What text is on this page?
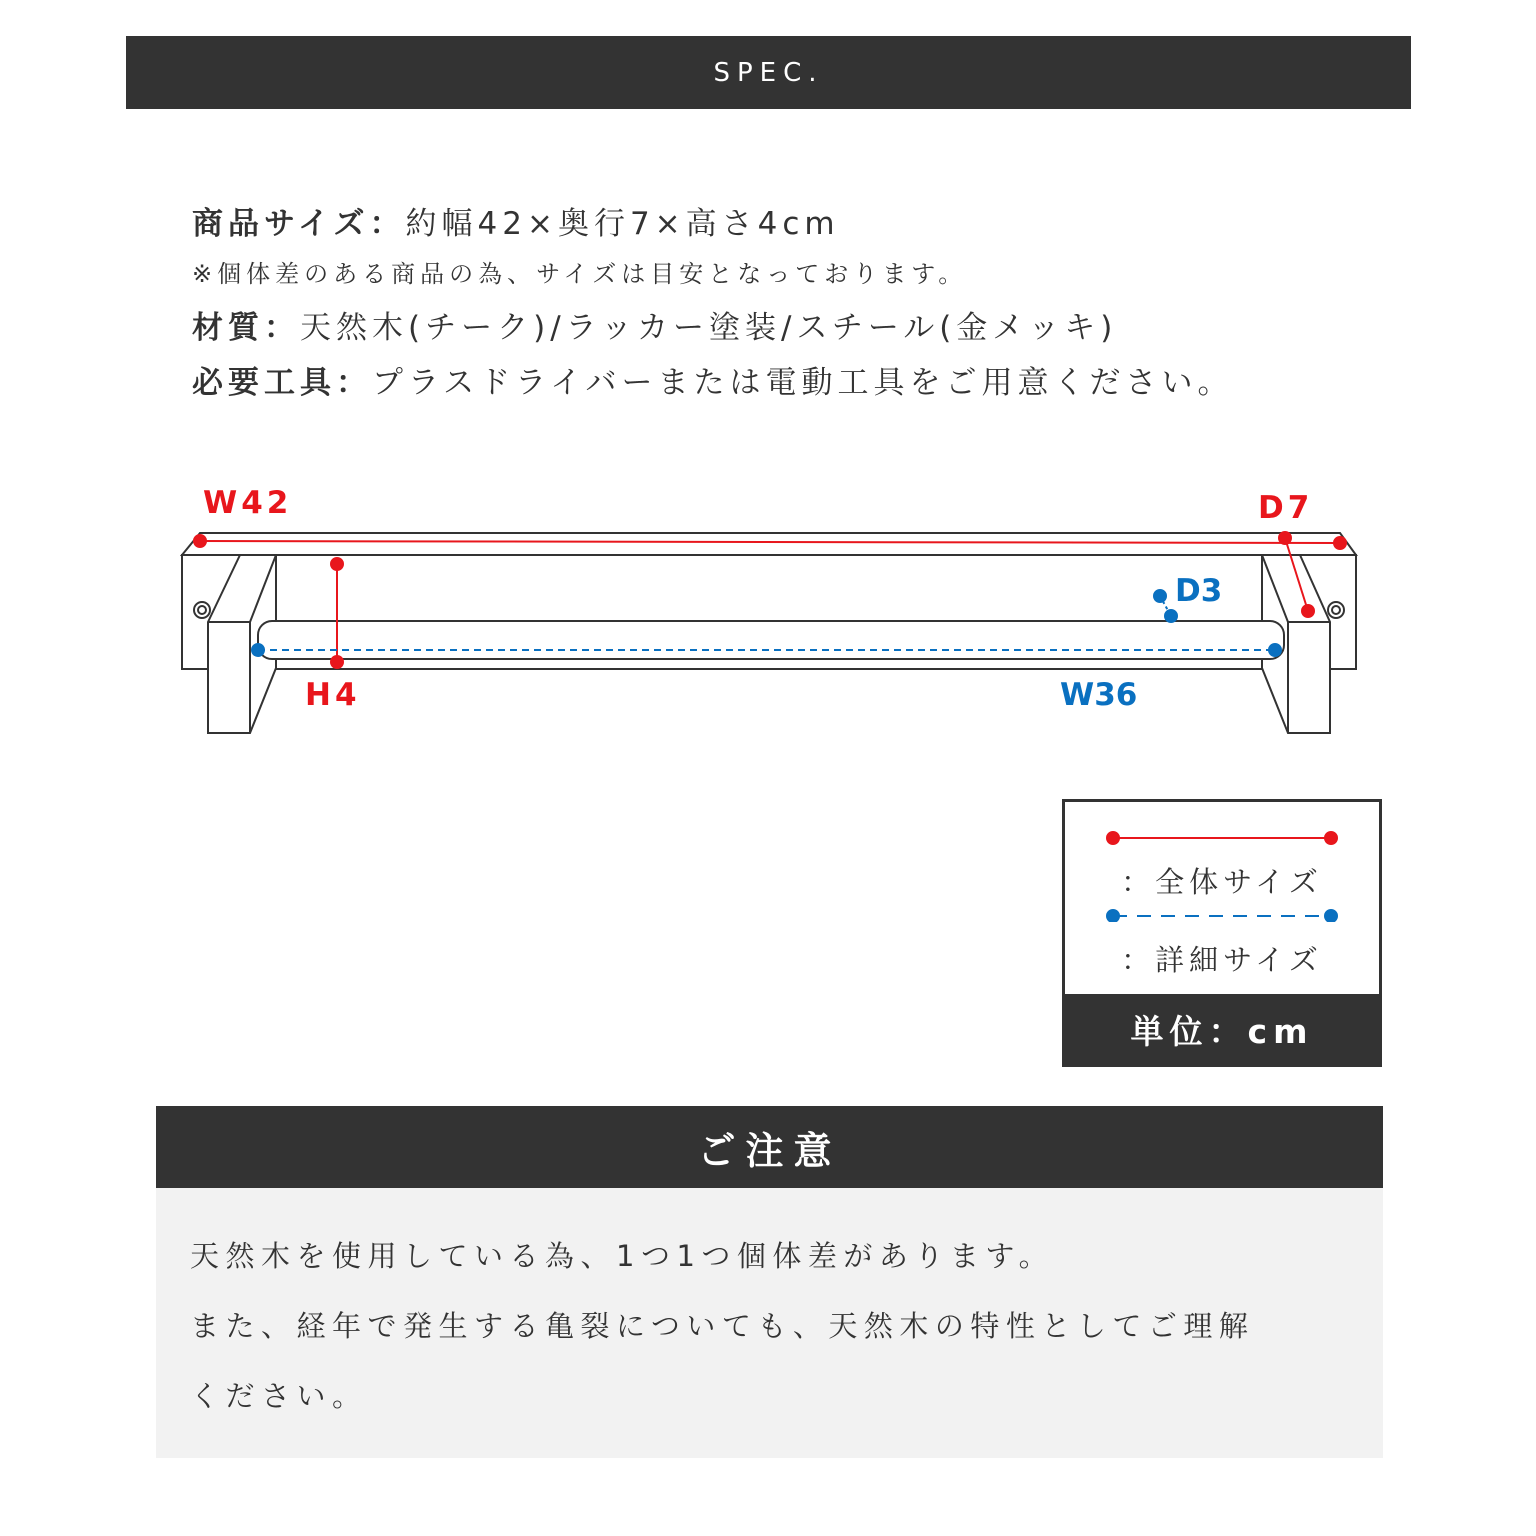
SPEC.
商品サイズ：約幅42×奥行7×高さ4cm
※個体差のある商品の為、サイズは目安となっております。
材質：天然木(チーク)/ラッカー塗装/スチール(金メッキ)
必要工具：プラスドライバーまたは電動工具をご用意ください。
W42	D7
H4
D3
W36
：全体サイズ
：詳細サイズ
単位：cm
ご注意
天然木を使用している為、1つ1つ個体差があります。
また、経年で発生する亀裂についても、天然木の特性としてご理解
ください。
